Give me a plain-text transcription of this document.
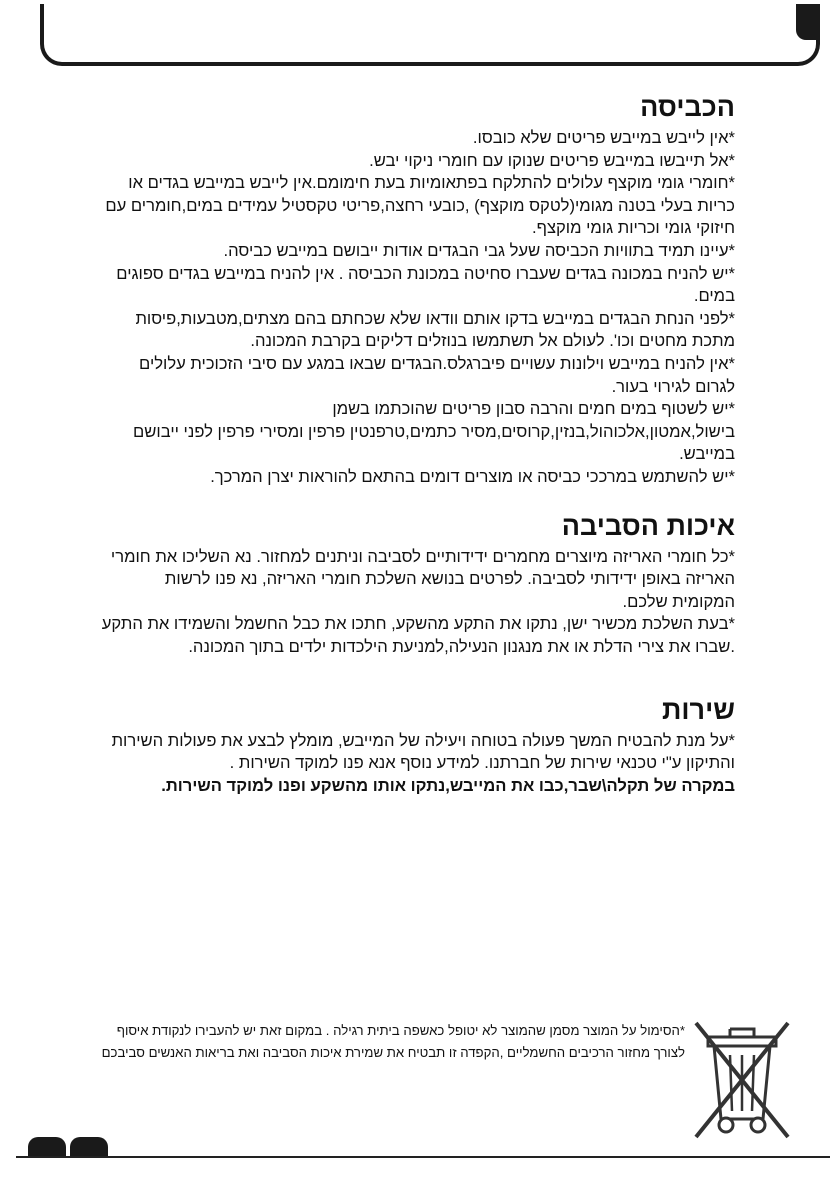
הכביסה

*אין לייבש במייבש פריטים שלא כובסו.

*אל תייבשו במייבש פריטים שנוקו עם חומרי ניקוי יבש.

*חומרי גומי מוקצף עלולים להתלקח בפתאומיות בעת חימומם.אין לייבש במייבש בגדים או כריות בעלי בטנה מגומי(לטקס מוקצף) ,כובעי רחצה,פריטי טקסטיל עמידים במים,חומרים עם חיזוקי גומי וכריות גומי מוקצף.

*עיינו תמיד בתוויות הכביסה שעל גבי הבגדים אודות ייבושם במייבש כביסה.

*יש להניח במכונה בגדים שעברו סחיטה במכונת הכביסה . אין להניח במייבש בגדים ספוגים במים.

*לפני הנחת הבגדים במייבש בדקו אותם וודאו שלא שכחתם בהם מצתים,מטבעות,פיסות מתכת מחטים וכו'. לעולם אל תשתמשו בנוזלים דליקים בקרבת המכונה.

*אין להניח במייבש וילונות עשויים פיברגלס.הבגדים שבאו במגע עם סיבי הזכוכית עלולים לגרום לגירוי בעור.

*יש לשטוף במים חמים והרבה סבון פריטים שהוכתמו בשמן בישול,אמטון,אלכוהול,בנזין,קרוסים,מסיר כתמים,טרפנטין פרפין ומסירי פרפין לפני ייבושם במייבש.

*יש להשתמש במרככי כביסה או מוצרים דומים בהתאם להוראות יצרן המרכך.

איכות הסביבה

*כל חומרי האריזה מיוצרים מחמרים ידידותיים לסביבה וניתנים למחזור. נא השליכו את חומרי האריזה באופן ידידותי לסביבה. לפרטים בנושא השלכת חומרי האריזה, נא פנו לרשות המקומית שלכם.

*בעת השלכת מכשיר ישן, נתקו את התקע מהשקע, חתכו את כבל החשמל והשמידו את התקע .שברו את צירי הדלת או את מנגנון הנעילה,למניעת הילכדות ילדים בתוך המכונה.

שירות

*על מנת להבטיח המשך פעולה בטוחה ויעילה של המייבש, מומלץ לבצע את פעולות השירות והתיקון ע"י טכנאי שירות של חברתנו. למידע נוסף אנא פנו למוקד השירות .

במקרה של תקלה\שבר,כבו את המייבש,נתקו אותו מהשקע ופנו למוקד השירות.

*הסימול על המוצר מסמן שהמוצר לא יטופל כאשפה ביתית רגילה . במקום זאת יש להעבירו לנקודת איסוף לצורך מחזור הרכיבים החשמליים ,הקפדה זו תבטיח את שמירת איכות הסביבה ואת בריאות האנשים סביבכם
